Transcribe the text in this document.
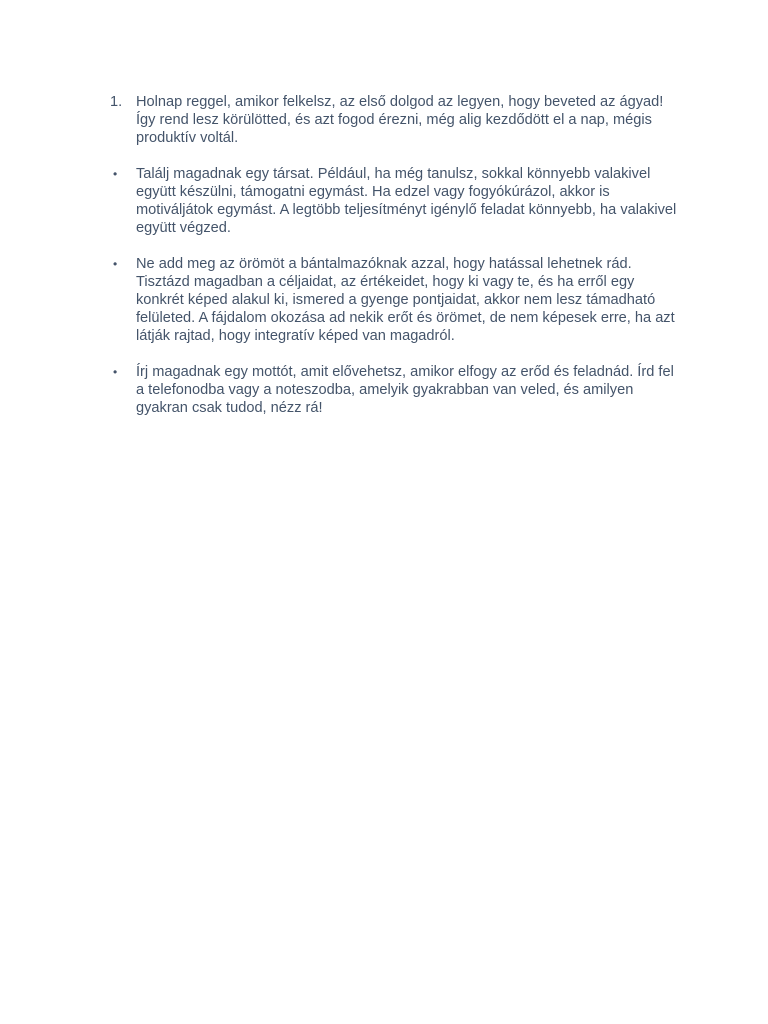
1. Holnap reggel, amikor felkelsz, az első dolgod az legyen, hogy beveted az ágyad! Így rend lesz körülötted, és azt fogod érezni, még alig kezdődött el a nap, mégis produktív voltál.
•	Találj magadnak egy társat. Például, ha még tanulsz, sokkal könnyebb valakivel együtt készülni, támogatni egymást. Ha edzel vagy fogyókúrázol, akkor is motiváljátok egymást. A legtöbb teljesítményt igénylő feladat könnyebb, ha valakivel együtt végzed.
•	Ne add meg az örömöt a bántalmazóknak azzal, hogy hatással lehetnek rád. Tisztázd magadban a céljaidat, az értékeidet, hogy ki vagy te, és ha erről egy konkrét képed alakul ki, ismered a gyenge pontjaidat, akkor nem lesz támadható felületed. A fájdalom okozása ad nekik erőt és örömet, de nem képesek erre, ha azt látják rajtad, hogy integratív képed van magadról.
•	Írj magadnak egy mottót, amit elővehetsz, amikor elfogy az erőd és feladnád. Írd fel a telefonodba vagy a noteszodba, amelyik gyakrabban van veled, és amilyen gyakran csak tudod, nézz rá!
